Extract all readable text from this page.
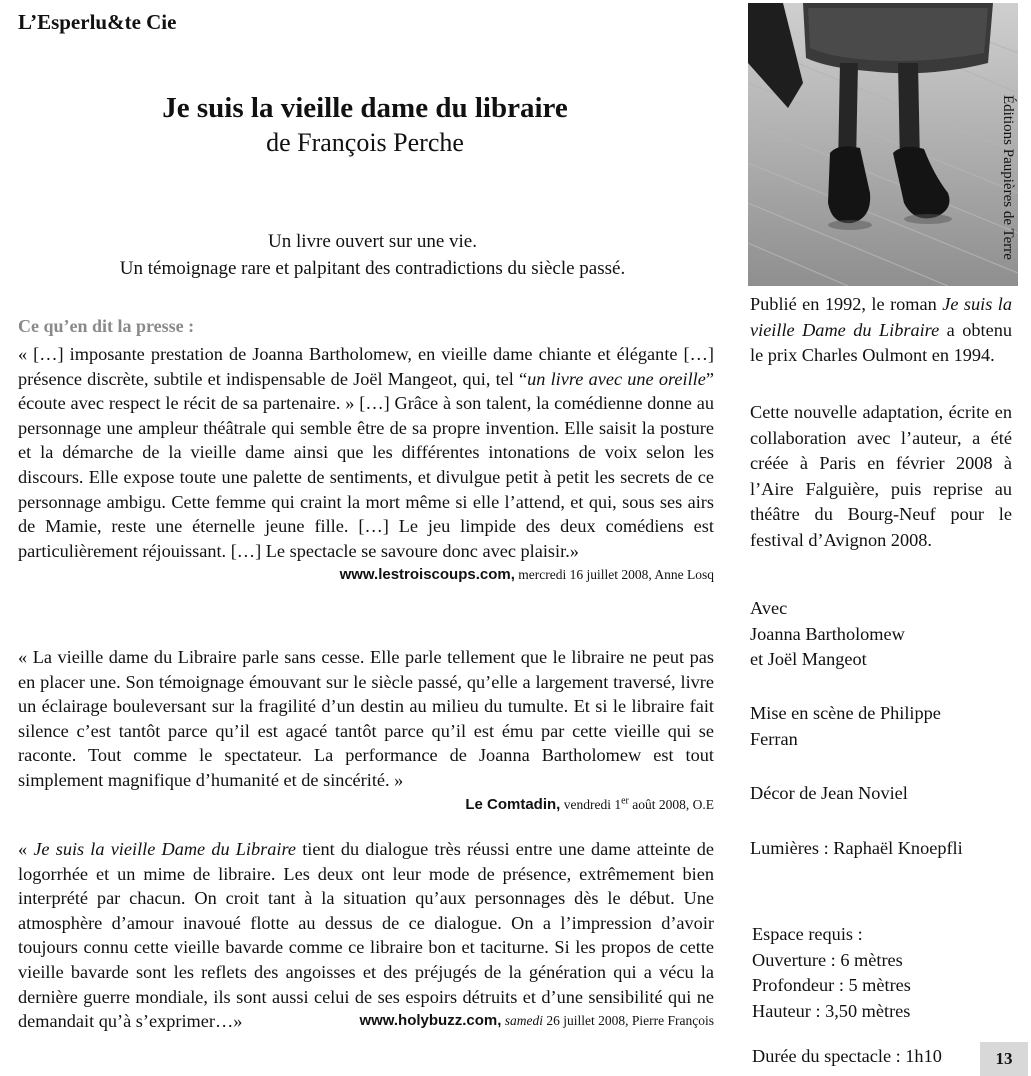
L’Esperlu&te Cie
Je suis la vieille dame du libraire
de François Perche
Un livre ouvert sur une vie.
Un témoignage rare et palpitant des contradictions du siècle passé.
Ce qu’en dit la presse :

« […] imposante prestation de Joanna Bartholomew, en vieille dame chiante et élégante […] présence discrète, subtile et indispensable de Joël Mangeot, qui, tel “un livre avec une oreille” écoute avec respect le récit de sa partenaire. » […] Grâce à son talent, la comédienne donne au personnage une ampleur théâtrale qui semble être de sa propre invention. Elle saisit la posture et la démarche de la vieille dame ainsi que les différentes intonations de voix selon les discours. Elle expose toute une palette de sentiments, et divulgue petit à petit les secrets de ce personnage ambigu. Cette femme qui craint la mort même si elle l’attend, et qui, sous ses airs de Mamie, reste une éternelle jeune fille. […] Le jeu limpide des deux comédiens est particulièrement réjouissant. […] Le spectacle se savoure donc avec plaisir.»

www.lestroiscoups.com, mercredi 16 juillet 2008, Anne Losq

« La vieille dame du Libraire parle sans cesse. Elle parle tellement que le libraire ne peut pas en placer une. Son témoignage émouvant sur le siècle passé, qu’elle a largement traversé, livre un éclairage bouleversant sur la fragilité d’un destin au milieu du tumulte. Et si le libraire fait silence c’est tantôt parce qu’il est agacé tantôt parce qu’il est ému par cette vieille qui se raconte. Tout comme le spectateur. La performance de Joanna Bartholomew est tout simplement magnifique d’humanité et de sincérité. »

Le Comtadin, vendredi 1er août 2008, O.E

« Je suis la vieille Dame du Libraire tient du dialogue très réussi entre une dame atteinte de logorrhée et un mime de libraire. Les deux ont leur mode de présence, extrêmement bien interprété par chacun. On croit tant à la situation qu’aux personnages dès le début. Une atmosphère d’amour inavoué flotte au dessus de ce dialogue. On a l’impression d’avoir toujours connu cette vieille bavarde comme ce libraire bon et taciturne. Si les propos de cette vieille bavarde sont les reflets des angoisses et des préjugés de la génération qui a vécu la dernière guerre mondiale, ils sont aussi celui de ses espoirs détruits et d’une sensibilité qui ne demandait qu’à s’exprimer…»	www.holybuzz.com, samedi 26 juillet 2008, Pierre François
Éditions Paupières de Terre

Publié en 1992, le roman Je suis la vieille Dame du Libraire a obtenu le prix Charles Oulmont en 1994.

Cette nouvelle adaptation, écrite en collaboration avec l’auteur, a été créée à Paris en février 2008 à l’Aire Falguière, puis reprise au théâtre du Bourg-Neuf pour le festival d’Avignon 2008.

Avec
Joanna Bartholomew
et Joël Mangeot
Mise en scène de Philippe
Ferran
Décor de Jean Noviel
Lumières : Raphaël Knoepfli
Espace requis :
Ouverture : 6 mètres
Profondeur : 5 mètres
Hauteur : 3,50 mètres
Durée du spectacle : 1h10	13
